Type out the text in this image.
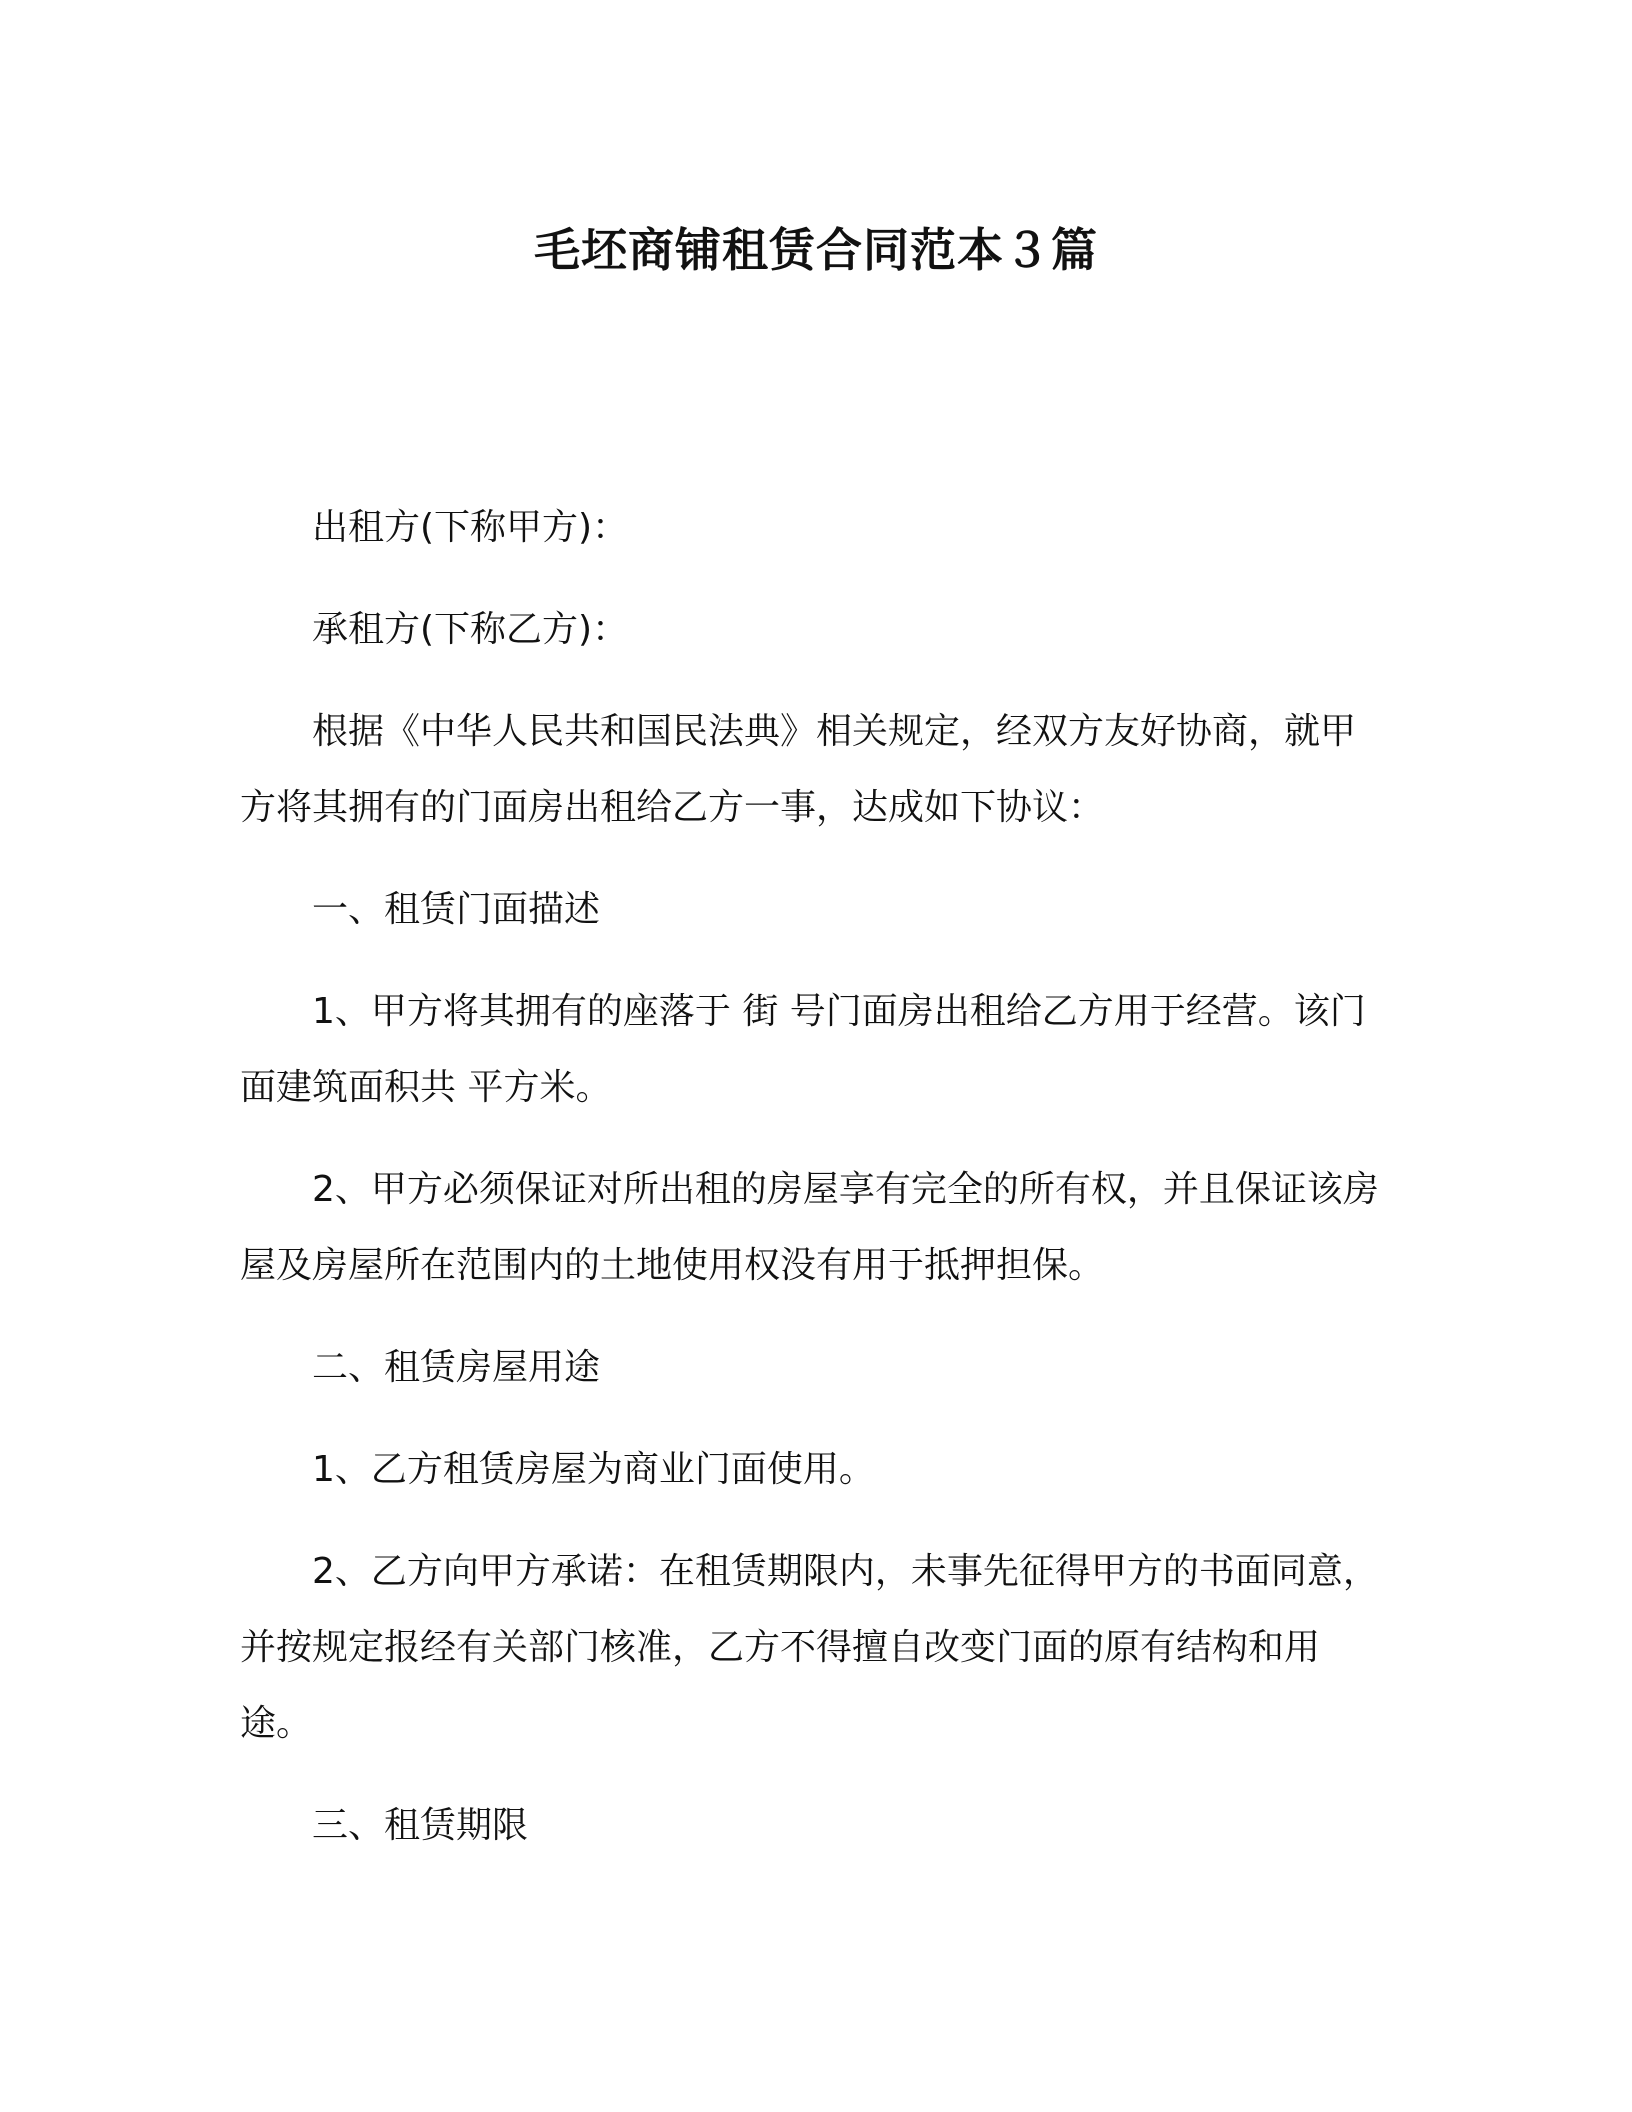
毛坯商铺租赁合同范本３篇

出租方(下称甲方)：

承租方(下称乙方)：

根据《中华人民共和国民法典》相关规定，经双方友好协商，就甲方将其拥有的门面房出租给乙方一事，达成如下协议：

一、租赁门面描述

1、甲方将其拥有的座落于 街 号门面房出租给乙方用于经营。该门面建筑面积共 平方米。

2、甲方必须保证对所出租的房屋享有完全的所有权，并且保证该房屋及房屋所在范围内的土地使用权没有用于抵押担保。

二、租赁房屋用途

1、乙方租赁房屋为商业门面使用。

2、乙方向甲方承诺：在租赁期限内，未事先征得甲方的书面同意，并按规定报经有关部门核准，乙方不得擅自改变门面的原有结构和用途。

三、租赁期限
